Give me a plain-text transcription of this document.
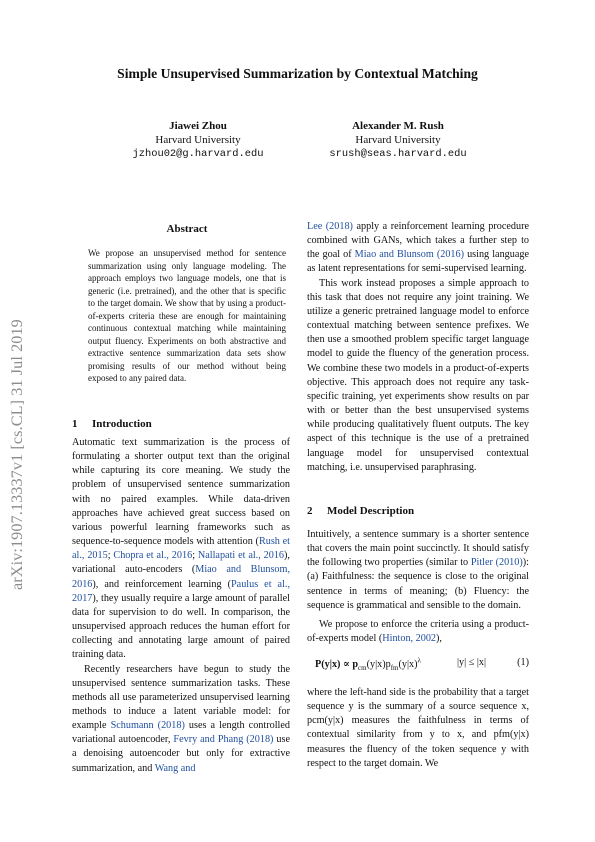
arXiv:1907.13337v1 [cs.CL] 31 Jul 2019
Simple Unsupervised Summarization by Contextual Matching
Jiawei Zhou
Harvard University
jzhou02@g.harvard.edu
Alexander M. Rush
Harvard University
srush@seas.harvard.edu
Abstract
We propose an unsupervised method for sentence summarization using only language modeling. The approach employs two language models, one that is generic (i.e. pretrained), and the other that is specific to the target domain. We show that by using a product-of-experts criteria these are enough for maintaining continuous contextual matching while maintaining output fluency. Experiments on both abstractive and extractive sentence summarization data sets show promising results of our method without being exposed to any paired data.
1 Introduction

Automatic text summarization is the process of formulating a shorter output text than the original while capturing its core meaning. We study the problem of unsupervised sentence summarization with no paired examples. While data-driven approaches have achieved great success based on various powerful learning frameworks such as sequence-to-sequence models with attention (Rush et al., 2015; Chopra et al., 2016; Nallapati et al., 2016), variational auto-encoders (Miao and Blunsom, 2016), and reinforcement learning (Paulus et al., 2017), they usually require a large amount of parallel data for supervision to do well. In comparison, the unsupervised approach reduces the human effort for collecting and annotating large amount of paired training data.

Recently researchers have begun to study the unsupervised sentence summarization tasks. These methods all use parameterized unsupervised learning methods to induce a latent variable model: for example Schumann (2018) uses a length controlled variational autoencoder, Fevry and Phang (2018) use a denoising autoencoder but only for extractive summarization, and Wang and

Lee (2018) apply a reinforcement learning procedure combined with GANs, which takes a further step to the goal of Miao and Blunsom (2016) using language as latent representations for semi-supervised learning.

This work instead proposes a simple approach to this task that does not require any joint training. We utilize a generic pretrained language model to enforce contextual matching between sentence prefixes. We then use a smoothed problem specific target language model to guide the fluency of the generation process. We combine these two models in a product-of-experts objective. This approach does not require any task-specific training, yet experiments show results on par with or better than the best unsupervised systems while producing qualitatively fluent outputs. The key aspect of this technique is the use of a pretrained language model for unsupervised contextual matching, i.e. unsupervised paraphrasing.

2 Model Description

Intuitively, a sentence summary is a shorter sentence that covers the main point succinctly. It should satisfy the following two properties (similar to Pitler (2010)): (a) Faithfulness: the sequence is close to the original sentence in terms of meaning; (b) Fluency: the sequence is grammatical and sensible to the domain.

We propose to enforce the criteria using a product-of-experts model (Hinton, 2002),

$P(y|x) \propto p_{cm}(y|x)p_{fm}(y|x)^\lambda$	|y| ≤ |x|	(1)

where the left-hand side is the probability that a target sequence y is the summary of a source sequence x, pcm(y|x) measures the faithfulness in terms of contextual similarity from y to x, and pfm(y|x) measures the fluency of the token sequence y with respect to the target domain. We
